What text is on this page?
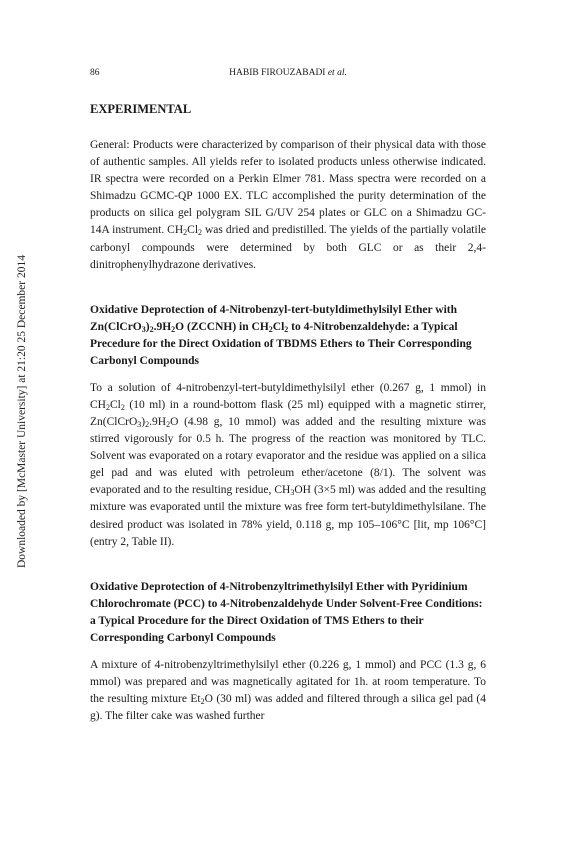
Downloaded by [McMaster University] at 21:20 25 December 2014
86	HABIB FIROUZABADI et al.
EXPERIMENTAL

General: Products were characterized by comparison of their physical data with those of authentic samples. All yields refer to isolated products unless otherwise indicated. IR spectra were recorded on a Perkin Elmer 781. Mass spectra were recorded on a Shimadzu GCMC-QP 1000 EX. TLC accomplished the purity determination of the products on silica gel polygram SIL G/UV 254 plates or GLC on a Shimadzu GC-14A instrument. $CH_2Cl_2$ was dried and predistilled. The yields of the partially volatile carbonyl compounds were determined by both GLC or as their 2,4-dinitrophenylhydrazone derivatives.

Oxidative Deprotection of 4-Nitrobenzyl-tert-butyldimethylsilyl Ether with $Zn(ClCrO_3)_2.9H_2O$ (ZCCNH) in $CH_2Cl_2$ to 4-Nitrobenzaldehyde: a Typical Precedure for the Direct Oxidation of TBDMS Ethers to Their Corresponding Carbonyl Compounds

To a solution of 4-nitrobenzyl-tert-butyldimethylsilyl ether (0.267 g, 1 mmol) in $CH_2Cl_2$ (10 ml) in a round-bottom flask (25 ml) equipped with a magnetic stirrer, $Zn(ClCrO_3)_2.9H_2O$ (4.98 g, 10 mmol) was added and the resulting mixture was stirred vigorously for 0.5 h. The progress of the reaction was monitored by TLC. Solvent was evaporated on a rotary evaporator and the residue was applied on a silica gel pad and was eluted with petroleum ether/acetone (8/1). The solvent was evaporated and to the resulting residue, $CH_3OH$ (3×5 ml) was added and the resulting mixture was evaporated until the mixture was free form tert-butyldimethylsilane. The desired product was isolated in 78% yield, 0.118 g, mp 105–106°C [lit, mp 106°C] (entry 2, Table II).

Oxidative Deprotection of 4-Nitrobenzyltrimethylsilyl Ether with Pyridinium Chlorochromate (PCC) to 4-Nitrobenzaldehyde Under Solvent-Free Conditions: a Typical Procedure for the Direct Oxidation of TMS Ethers to their Corresponding Carbonyl Compounds

A mixture of 4-nitrobenzyltrimethylsilyl ether (0.226 g, 1 mmol) and PCC (1.3 g, 6 mmol) was prepared and was magnetically agitated for 1h. at room temperature. To the resulting mixture $Et_2O$ (30 ml) was added and filtered through a silica gel pad (4 g). The filter cake was washed further
